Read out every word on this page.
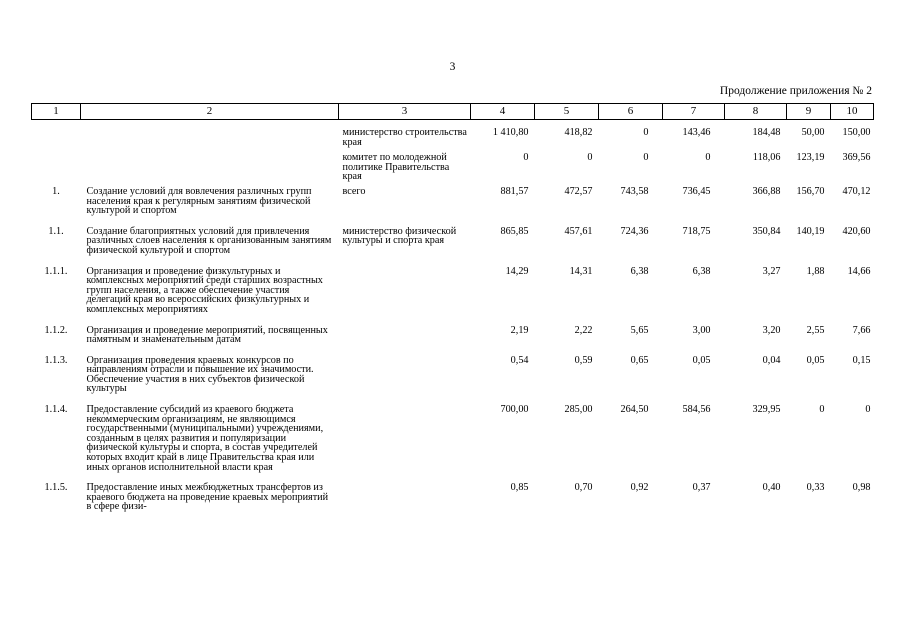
3
Продолжение приложения № 2
1	2	3	4	5	6	7	8	9	10
		министерство строительства края	1 410,80	418,82	0	143,46	184,48	50,00	150,00
		комитет по молодежной политике Правительства края	0	0	0	0	118,06	123,19	369,56
1.	Создание условий для вовлечения различных групп населения края к регулярным занятиям физической культурой и спортом	всего	881,57	472,57	743,58	736,45	366,88	156,70	470,12
1.1.	Создание благоприятных условий для привлечения различных слоев населения к организованным занятиям физической культурой и спортом	министерство физической культуры и спорта края	865,85	457,61	724,36	718,75	350,84	140,19	420,60
1.1.1.	Организация и проведение физкультурных и комплексных мероприятий среди старших возрастных групп населения, а также обеспечение участия делегаций края во всероссийских физкультурных и комплексных мероприятиях		14,29	14,31	6,38	6,38	3,27	1,88	14,66
1.1.2.	Организация и проведение мероприятий, посвященных памятным и знаменательным датам		2,19	2,22	5,65	3,00	3,20	2,55	7,66
1.1.3.	Организация проведения краевых конкурсов по направлениям отрасли и повышение их значимости. Обеспечение участия в них субъектов физической культуры		0,54	0,59	0,65	0,05	0,04	0,05	0,15
1.1.4.	Предоставление субсидий из краевого бюджета некоммерческим организациям, не являющимся государственными (муниципальными) учреждениями, созданным в целях развития и популяризации физической культуры и спорта, в состав учредителей которых входит край в лице Правительства края или иных органов исполнительной власти края		700,00	285,00	264,50	584,56	329,95	0	0
1.1.5.	Предоставление иных межбюджетных трансфертов из краевого бюджета на проведение краевых мероприятий в сфере физи-		0,85	0,70	0,92	0,37	0,40	0,33	0,98
